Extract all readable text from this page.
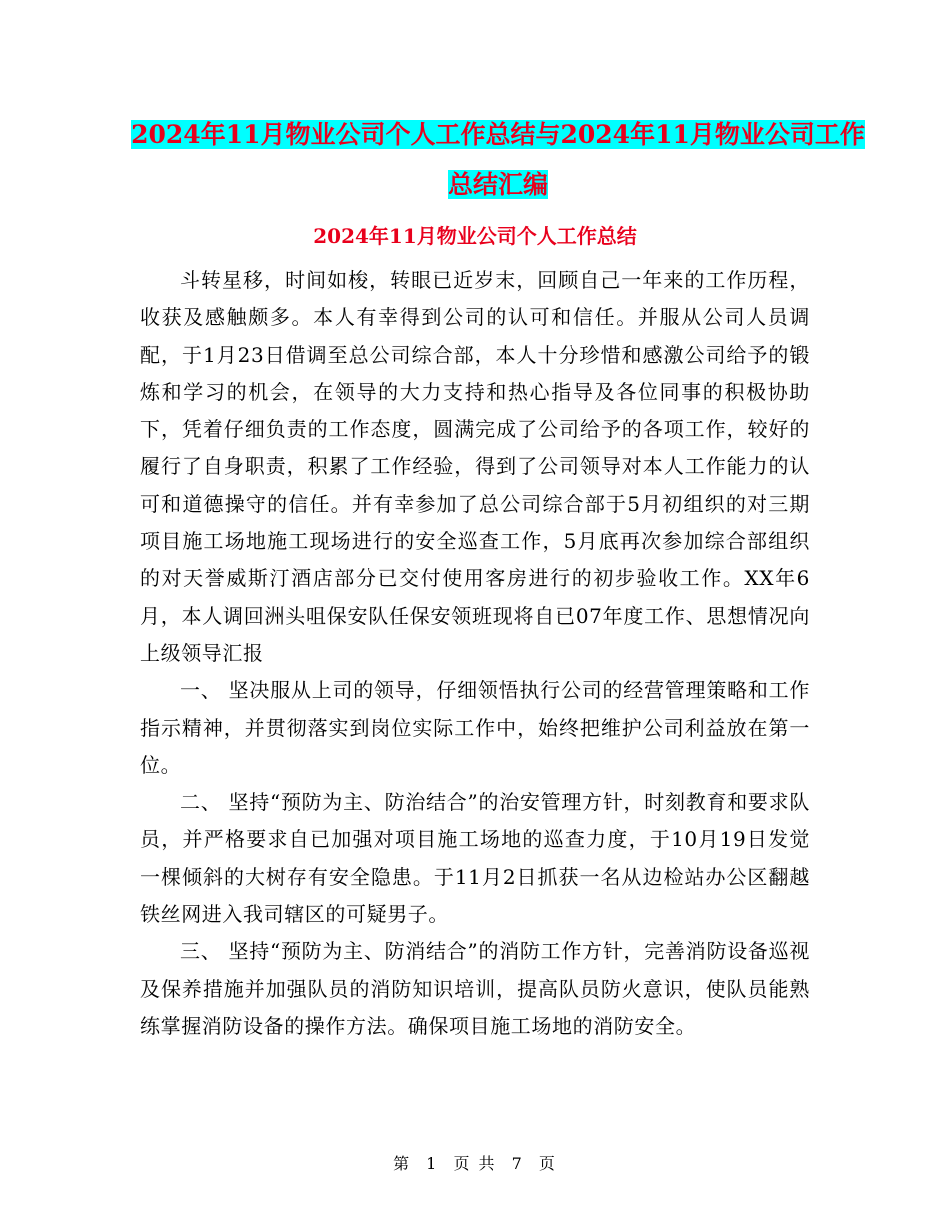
2024年11月物业公司个人工作总结与2024年11月物业公司工作总结汇编
2024年11月物业公司个人工作总结

斗转星移，时间如梭，转眼已近岁末，回顾自己一年来的工作历程，收获及感触颇多。本人有幸得到公司的认可和信任。并服从公司人员调配，于1月23日借调至总公司综合部，本人十分珍惜和感激公司给予的锻炼和学习的机会，在领导的大力支持和热心指导及各位同事的积极协助下，凭着仔细负责的工作态度，圆满完成了公司给予的各项工作，较好的履行了自身职责，积累了工作经验，得到了公司领导对本人工作能力的认可和道德操守的信任。并有幸参加了总公司综合部于5月初组织的对三期项目施工场地施工现场进行的安全巡查工作，5月底再次参加综合部组织的对天誉威斯汀酒店部分已交付使用客房进行的初步验收工作。XX年6月，本人调回洲头咀保安队任保安领班现将自已07年度工作、思想情况向上级领导汇报

一、 坚决服从上司的领导，仔细领悟执行公司的经营管理策略和工作 指示精神，并贯彻落实到岗位实际工作中，始终把维护公司利益放在第一位。

二、 坚持“预防为主、防治结合”的治安管理方针，时刻教育和要求队员，并严格要求自已加强对项目施工场地的巡查力度，于10月19日发觉一棵倾斜的大树存有安全隐患。于11月2日抓获一名从边检站办公区翻越铁丝网进入我司辖区的可疑男子。

三、 坚持“预防为主、防消结合”的消防工作方针，完善消防设备巡视及保养措施并加强队员的消防知识培训，提高队员防火意识，使队员能熟练掌握消防设备的操作方法。确保项目施工场地的消防安全。

第 1 页 共 7 页
